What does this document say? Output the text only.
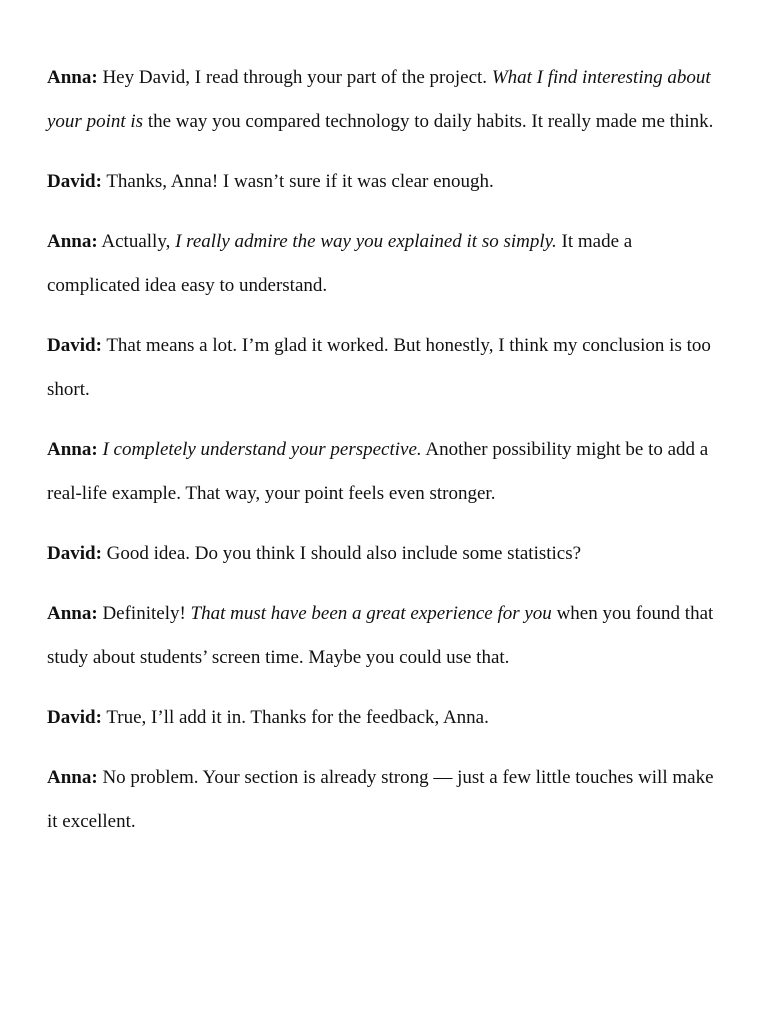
Anna: Hey David, I read through your part of the project. What I find interesting about your point is the way you compared technology to daily habits. It really made me think.

David: Thanks, Anna! I wasn’t sure if it was clear enough.

Anna: Actually, I really admire the way you explained it so simply. It made a complicated idea easy to understand.

David: That means a lot. I’m glad it worked. But honestly, I think my conclusion is too short.

Anna: I completely understand your perspective. Another possibility might be to add a real-life example. That way, your point feels even stronger.

David: Good idea. Do you think I should also include some statistics?

Anna: Definitely! That must have been a great experience for you when you found that study about students’ screen time. Maybe you could use that.

David: True, I’ll add it in. Thanks for the feedback, Anna.

Anna: No problem. Your section is already strong — just a few little touches will make it excellent.
